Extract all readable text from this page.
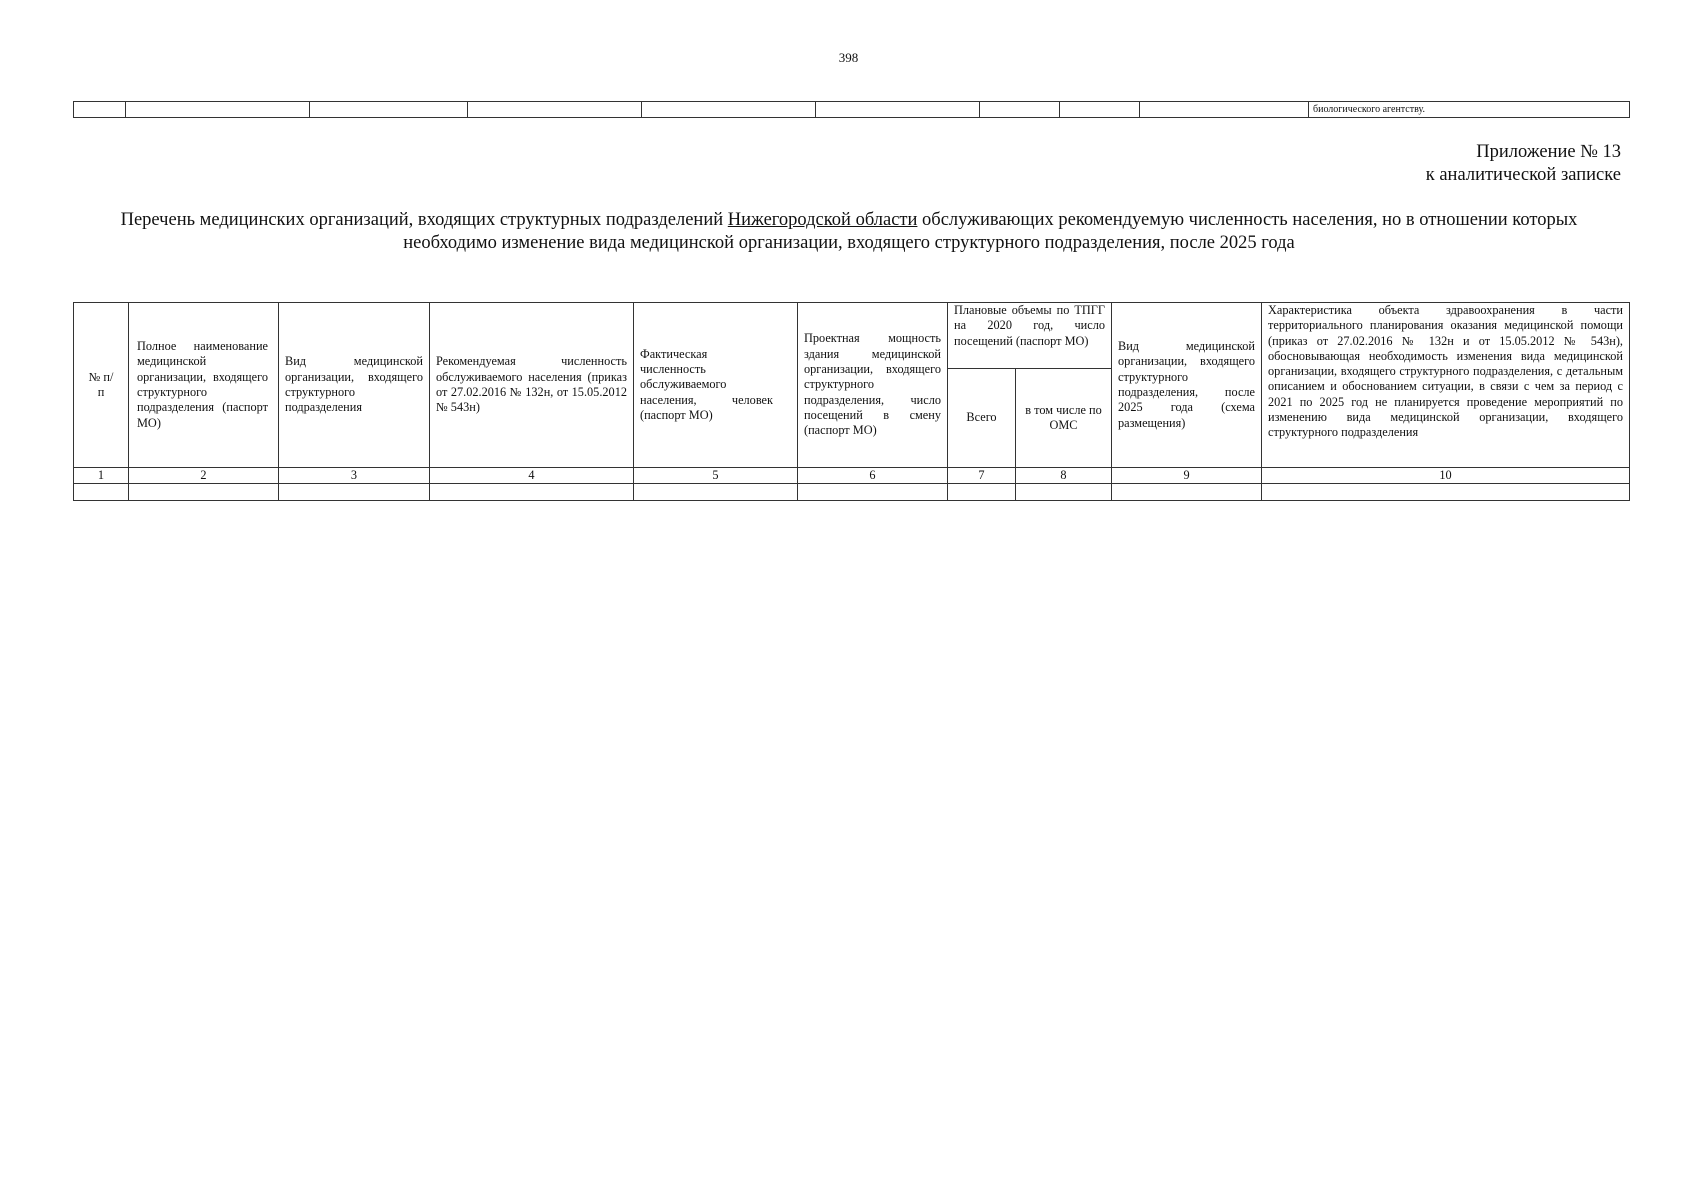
398
									биологического агентству.
Приложение № 13
к аналитической записке
Перечень медицинских организаций, входящих структурных подразделений Нижегородской области обслуживающих рекомендуемую численность населения, но в отношении которых необходимо изменение вида медицинской организации, входящего структурного подразделения, после 2025 года
№ п/п	Полное наименование медицинской организации, входящего структурного подразделения (паспорт МО)	Вид медицинской организации, входящего структурного подразделения	Рекомендуемая численность обслуживаемого населения (приказ от 27.02.2016 № 132н, от 15.05.2012 № 543н)	Фактическая численность обслуживаемого населения, человек (паспорт МО)	Проектная мощность здания медицинской организации, входящего структурного подразделения, число посещений в смену (паспорт МО)	Плановые объемы по ТПГГ на 2020 год, число посещений (паспорт МО)		Вид медицинской организации, входящего структурного подразделения, после 2025 года (схема размещения)	Характеристика объекта здравоохранения в части территориального планирования оказания медицинской помощи (приказ от 27.02.2016 № 132н и от 15.05.2012 № 543н), обосновывающая необходимость изменения вида медицинской организации, входящего структурного подразделения, с детальным описанием и обоснованием ситуации, в связи с чем за период с 2021 по 2025 год не планируется проведение мероприятий по изменению вида медицинской организации, входящего структурного подразделения
						Всего	в том числе по ОМС		
1	2	3	4	5	6	7	8	9	10
